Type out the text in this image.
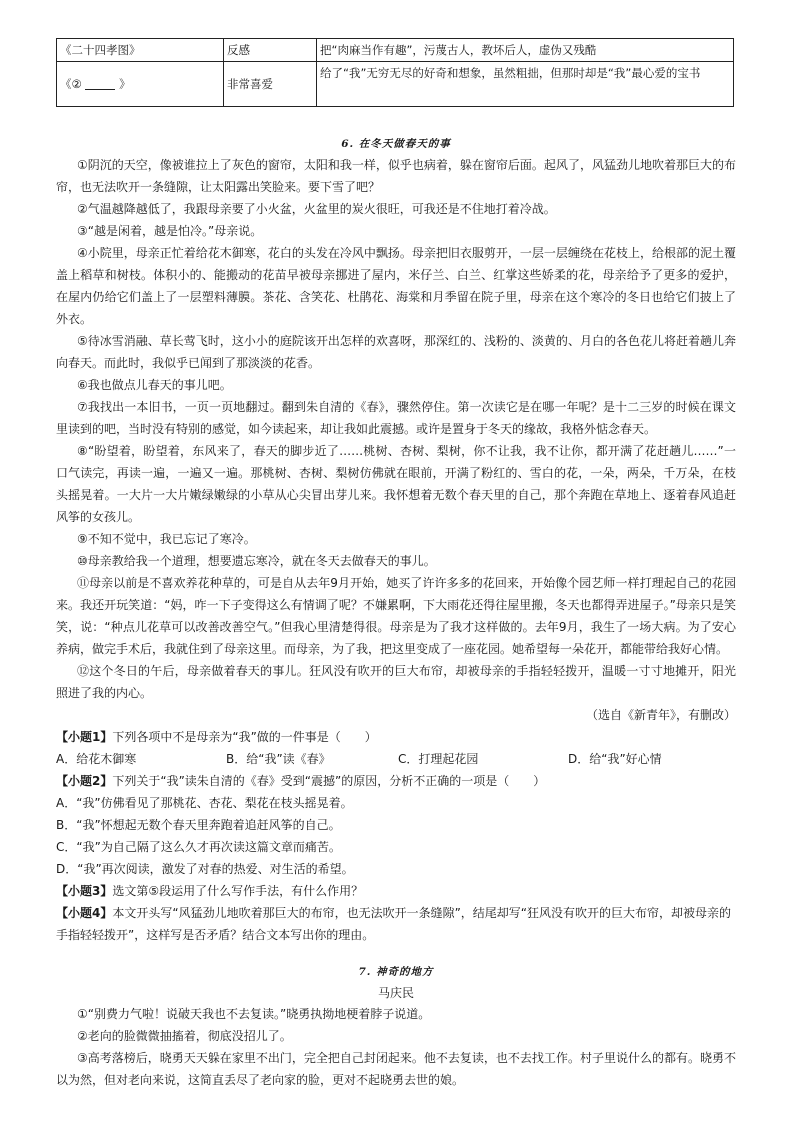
《二十四孝图》	反感	把“肉麻当作有趣”，污蔑古人，教坏后人，虚伪又残酷
《② 》	非常喜爱	给了“我”无穷无尽的好奇和想象，虽然粗拙，但那时却是“我”最心爱的宝书

6. 在冬天做春天的事

①阴沉的天空，像被谁拉上了灰色的窗帘，太阳和我一样，似乎也病着，躲在窗帘后面。起风了，风猛劲儿地吹着那巨大的布帘，也无法吹开一条缝隙，让太阳露出笑脸来。要下雪了吧？

②气温越降越低了，我跟母亲要了小火盆，火盆里的炭火很旺，可我还是不住地打着冷战。

③“越是闲着，越是怕冷。”母亲说。

④小院里，母亲正忙着给花木御寒，花白的头发在冷风中飘扬。母亲把旧衣服剪开，一层一层缠绕在花枝上，给根部的泥土覆盖上稻草和树枝。体积小的、能搬动的花苗早被母亲挪进了屋内，米仔兰、白兰、红掌这些娇柔的花，母亲给予了更多的爱护，在屋内仍给它们盖上了一层塑料薄膜。茶花、含笑花、杜鹃花、海棠和月季留在院子里，母亲在这个寒冷的冬日也给它们披上了外衣。

⑤待冰雪消融、草长莺飞时，这小小的庭院该开出怎样的欢喜呀，那深红的、浅粉的、淡黄的、月白的各色花儿将赶着趟儿奔向春天。而此时，我似乎已闻到了那淡淡的花香。

⑥我也做点儿春天的事儿吧。

⑦我找出一本旧书，一页一页地翻过。翻到朱自清的《春》，骤然停住。第一次读它是在哪一年呢？是十二三岁的时候在课文里读到的吧，当时没有特别的感觉，如今读起来，却让我如此震撼。或许是置身于冬天的缘故，我格外惦念春天。

⑧“盼望着，盼望着，东风来了，春天的脚步近了……桃树、杏树、梨树，你不让我，我不让你，都开满了花赶趟儿……”一口气读完，再读一遍，一遍又一遍。那桃树、杏树、梨树仿佛就在眼前，开满了粉红的、雪白的花，一朵，两朵，千万朵，在枝头摇晃着。一大片一大片嫩绿嫩绿的小草从心尖冒出芽儿来。我怀想着无数个春天里的自己，那个奔跑在草地上、逐着春风追赶风筝的女孩儿。

⑨不知不觉中，我已忘记了寒冷。

⑩母亲教给我一个道理，想要遗忘寒冷，就在冬天去做春天的事儿。

⑪母亲以前是不喜欢养花种草的，可是自从去年9月开始，她买了许许多多的花回来，开始像个园艺师一样打理起自己的花园来。我还开玩笑道：“妈，咋一下子变得这么有情调了呢？不嫌累啊，下大雨花还得往屋里搬，冬天也都得弄进屋子。”母亲只是笑笑，说：“种点儿花草可以改善改善空气。”但我心里清楚得很。母亲是为了我才这样做的。去年9月，我生了一场大病。为了安心养病，做完手术后，我就住到了母亲这里。而母亲，为了我，把这里变成了一座花园。她希望每一朵花开，都能带给我好心情。

⑫这个冬日的午后，母亲做着春天的事儿。狂风没有吹开的巨大布帘，却被母亲的手指轻轻拨开，温暖一寸寸地摊开，阳光照进了我的内心。

（选自《新青年》，有删改）

【小题1】下列各项中不是母亲为“我”做的一件事是（　　）

A．给花木御寒	B．给“我”读《春》	C．打理起花园	D．给“我”好心情

【小题2】下列关于“我”读朱自清的《春》受到“震撼”的原因，分析不正确的一项是（　　）

A．“我”仿佛看见了那桃花、杏花、梨花在枝头摇晃着。

B．“我”怀想起无数个春天里奔跑着追赶风筝的自己。

C．“我”为自己隔了这么久才再次读这篇文章而痛苦。

D．“我”再次阅读，激发了对春的热爱、对生活的希望。

【小题3】选文第⑤段运用了什么写作手法，有什么作用？

【小题4】本文开头写“风猛劲儿地吹着那巨大的布帘，也无法吹开一条缝隙”，结尾却写“狂风没有吹开的巨大布帘，却被母亲的手指轻轻拨开”，这样写是否矛盾？结合文本写出你的理由。

7. 神奇的地方

马庆民

①“别费力气啦！说破天我也不去复读。”晓勇执拗地梗着脖子说道。

②老向的脸微微抽搐着，彻底没招儿了。

③高考落榜后，晓勇天天躲在家里不出门，完全把自己封闭起来。他不去复读，也不去找工作。村子里说什么的都有。晓勇不以为然，但对老向来说，这简直丢尽了老向家的脸，更对不起晓勇去世的娘。
